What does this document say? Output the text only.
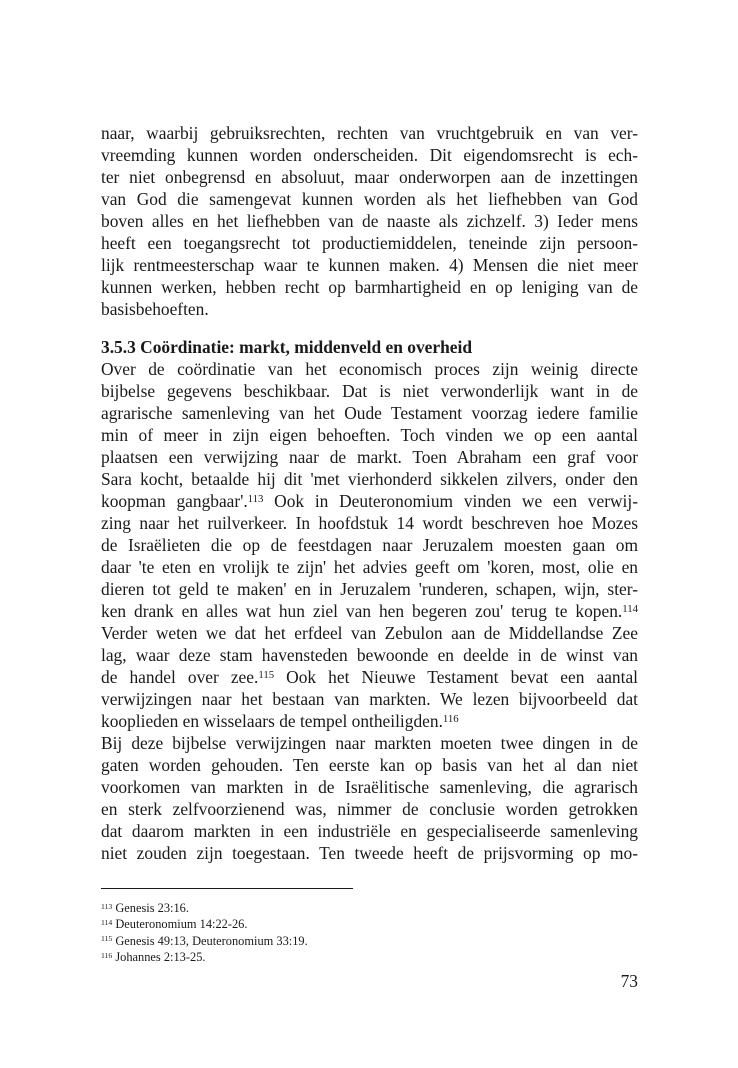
naar, waarbij gebruiksrechten, rechten van vruchtgebruik en van ver-
vreemding kunnen worden onderscheiden. Dit eigendomsrecht is ech-
ter niet onbegrensd en absoluut, maar onderworpen aan de inzettingen
van God die samengevat kunnen worden als het liefhebben van God
boven alles en het liefhebben van de naaste als zichzelf. 3) Ieder mens
heeft een toegangsrecht tot productiemiddelen, teneinde zijn persoon-
lijk rentmeesterschap waar te kunnen maken. 4) Mensen die niet meer
kunnen werken, hebben recht op barmhartigheid en op leniging van de
basisbehoeften.
3.5.3 Coördinatie: markt, middenveld en overheid
Over de coördinatie van het economisch proces zijn weinig directe
bijbelse gegevens beschikbaar. Dat is niet verwonderlijk want in de
agrarische samenleving van het Oude Testament voorzag iedere familie
min of meer in zijn eigen behoeften. Toch vinden we op een aantal
plaatsen een verwijzing naar de markt. Toen Abraham een graf voor
Sara kocht, betaalde hij dit 'met vierhonderd sikkelen zilvers, onder den
koopman gangbaar'.$^{113}$ Ook in Deuteronomium vinden we een verwij-
zing naar het ruilverkeer. In hoofdstuk 14 wordt beschreven hoe Mozes
de Israëlieten die op de feestdagen naar Jeruzalem moesten gaan om
daar 'te eten en vrolijk te zijn' het advies geeft om 'koren, most, olie en
dieren tot geld te maken' en in Jeruzalem 'runderen, schapen, wijn, ster-
ken drank en alles wat hun ziel van hen begeren zou' terug te kopen.$^{114}$
Verder weten we dat het erfdeel van Zebulon aan de Middellandse Zee
lag, waar deze stam havensteden bewoonde en deelde in de winst van
de handel over zee.$^{115}$ Ook het Nieuwe Testament bevat een aantal
verwijzingen naar het bestaan van markten. We lezen bijvoorbeeld dat
kooplieden en wisselaars de tempel ontheiligden.$^{116}$
Bij deze bijbelse verwijzingen naar markten moeten twee dingen in de
gaten worden gehouden. Ten eerste kan op basis van het al dan niet
voorkomen van markten in de Israëlitische samenleving, die agrarisch
en sterk zelfvoorzienend was, nimmer de conclusie worden getrokken
dat daarom markten in een industriële en gespecialiseerde samenleving
niet zouden zijn toegestaan. Ten tweede heeft de prijsvorming op mo-
$^{113}$ Genesis 23:16.
$^{114}$ Deuteronomium 14:22-26.
$^{115}$ Genesis 49:13, Deuteronomium 33:19.
$^{116}$ Johannes 2:13-25.
73
